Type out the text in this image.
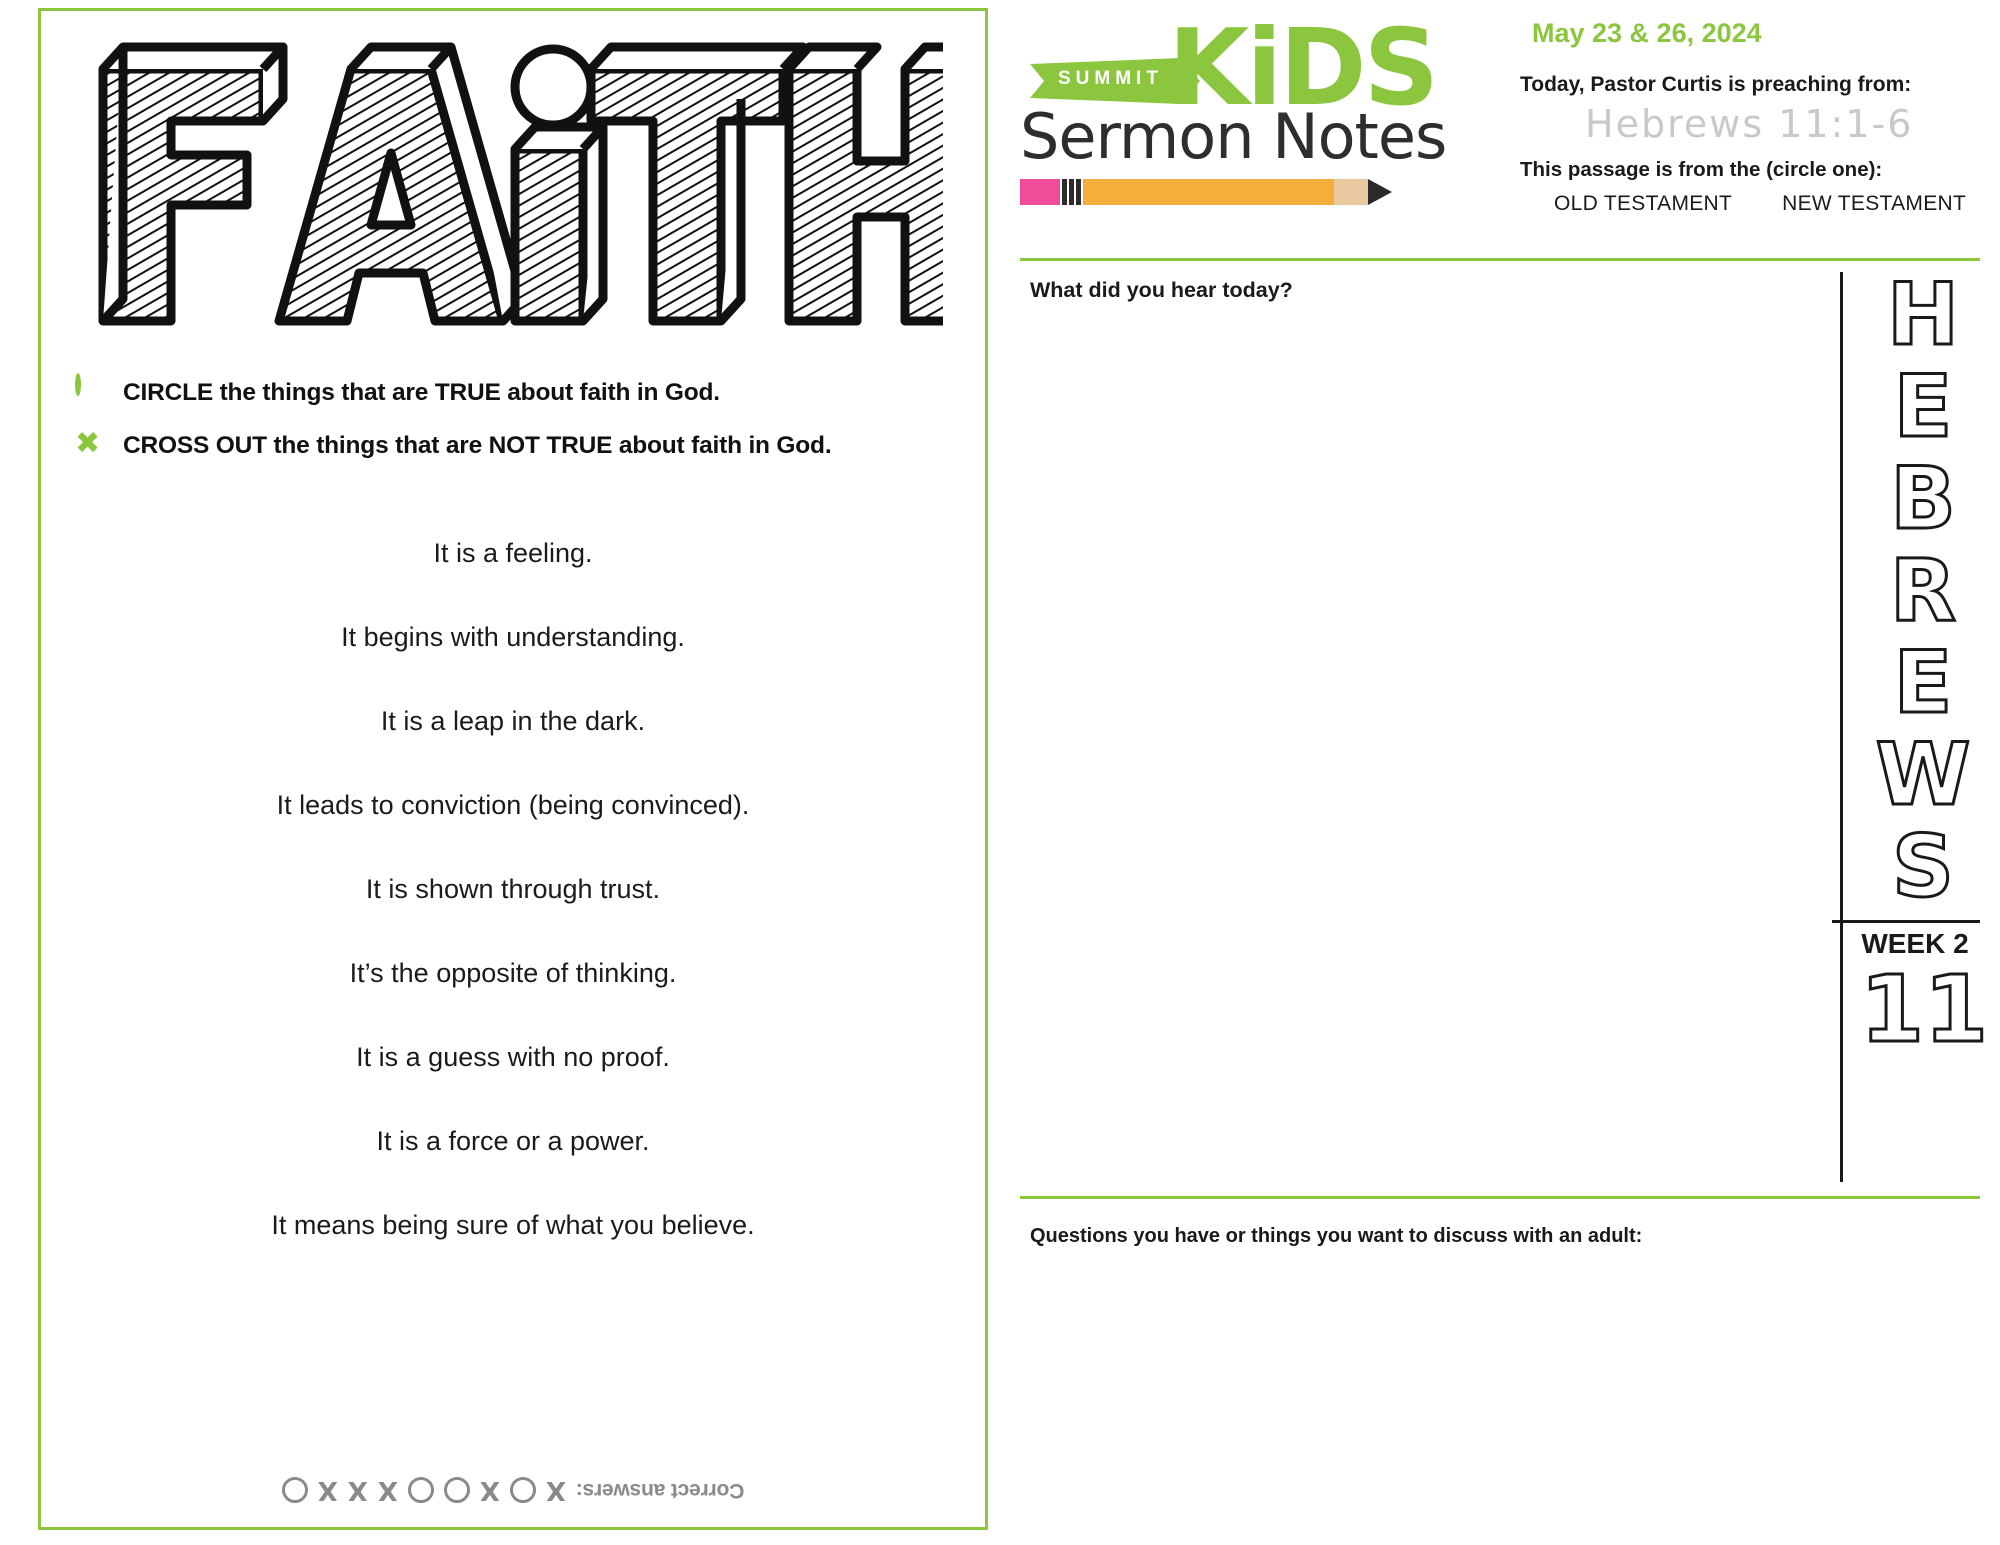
CIRCLE the things that are TRUE about faith in God.
✖ CROSS OUT the things that are NOT TRUE about faith in God.
It is a feeling.
It begins with understanding.
It is a leap in the dark.
It leads to conviction (being convinced).
It is shown through trust.
It’s the opposite of thinking.
It is a guess with no proof.
It is a force or a power.
It means being sure of what you believe.
Correct answers:
X
X
X
X
X
SUMMIT KiDS
Sermon Notes
May 23 & 26, 2024
Today, Pastor Curtis is preaching from:
Hebrews 11:1-6
This passage is from the (circle one):
OLD TESTAMENT NEW TESTAMENT
What did you hear today?	H
E
B
R
E
W
S
WEEK 2
11
Questions you have or things you want to discuss with an adult:
